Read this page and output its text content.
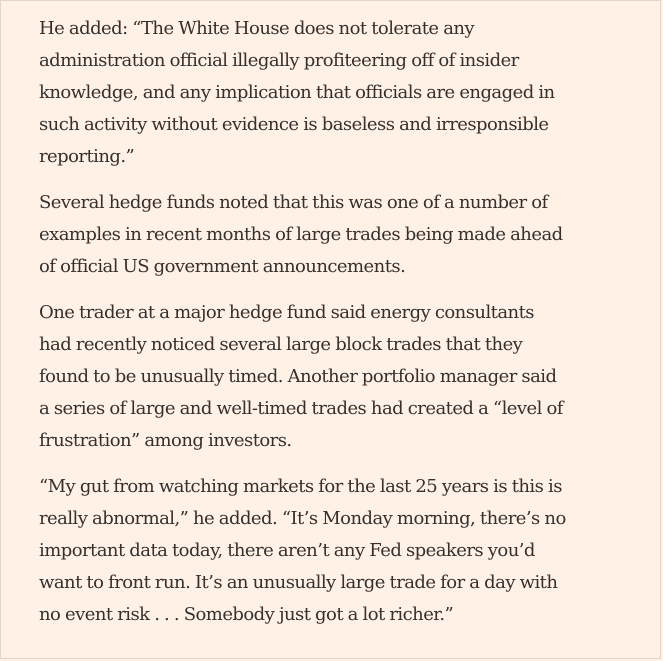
He added: “The White House does not tolerate any
administration official illegally profiteering off of insider
knowledge, and any implication that officials are engaged in
such activity without evidence is baseless and irresponsible
reporting.”

Several hedge funds noted that this was one of a number of
examples in recent months of large trades being made ahead
of official US government announcements.

One trader at a major hedge fund said energy consultants
had recently noticed several large block trades that they
found to be unusually timed. Another portfolio manager said
a series of large and well-timed trades had created a “level of
frustration” among investors.

“My gut from watching markets for the last 25 years is this is
really abnormal,” he added. “It’s Monday morning, there’s no
important data today, there aren’t any Fed speakers you’d
want to front run. It’s an unusually large trade for a day with
no event risk . . . Somebody just got a lot richer.”
